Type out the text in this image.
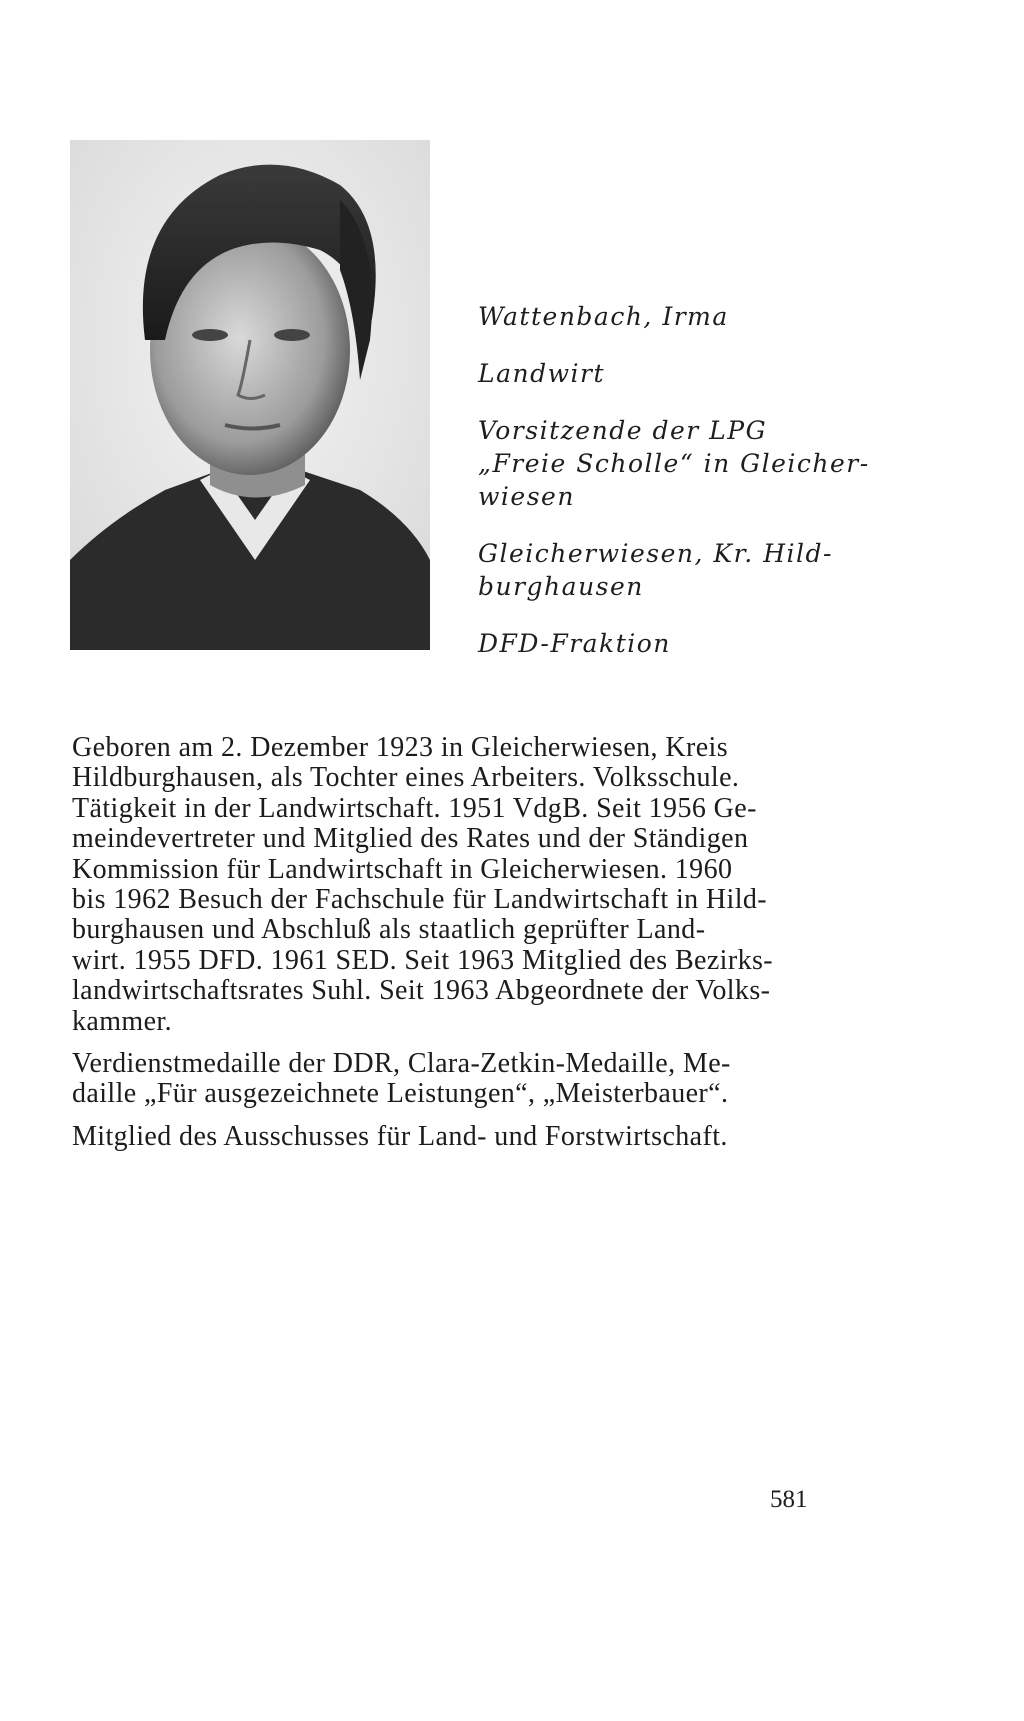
Wattenbach, Irma

Landwirt

Vorsitzende der LPG
„Freie Scholle“ in Gleicher-
wiesen

Gleicherwiesen, Kr. Hild-
burghausen

DFD-Fraktion

Geboren am 2. Dezember 1923 in Gleicherwiesen, Kreis
Hildburghausen, als Tochter eines Arbeiters. Volksschule.
Tätigkeit in der Landwirtschaft. 1951 VdgB. Seit 1956 Ge-
meindevertreter und Mitglied des Rates und der Ständigen
Kommission für Landwirtschaft in Gleicherwiesen. 1960
bis 1962 Besuch der Fachschule für Landwirtschaft in Hild-
burghausen und Abschluß als staatlich geprüfter Land-
wirt. 1955 DFD. 1961 SED. Seit 1963 Mitglied des Bezirks-
landwirtschaftsrates Suhl. Seit 1963 Abgeordnete der Volks-
kammer.

Verdienstmedaille der DDR, Clara-Zetkin-Medaille, Me-
daille „Für ausgezeichnete Leistungen“, „Meisterbauer“.

Mitglied des Ausschusses für Land- und Forstwirtschaft.

581
